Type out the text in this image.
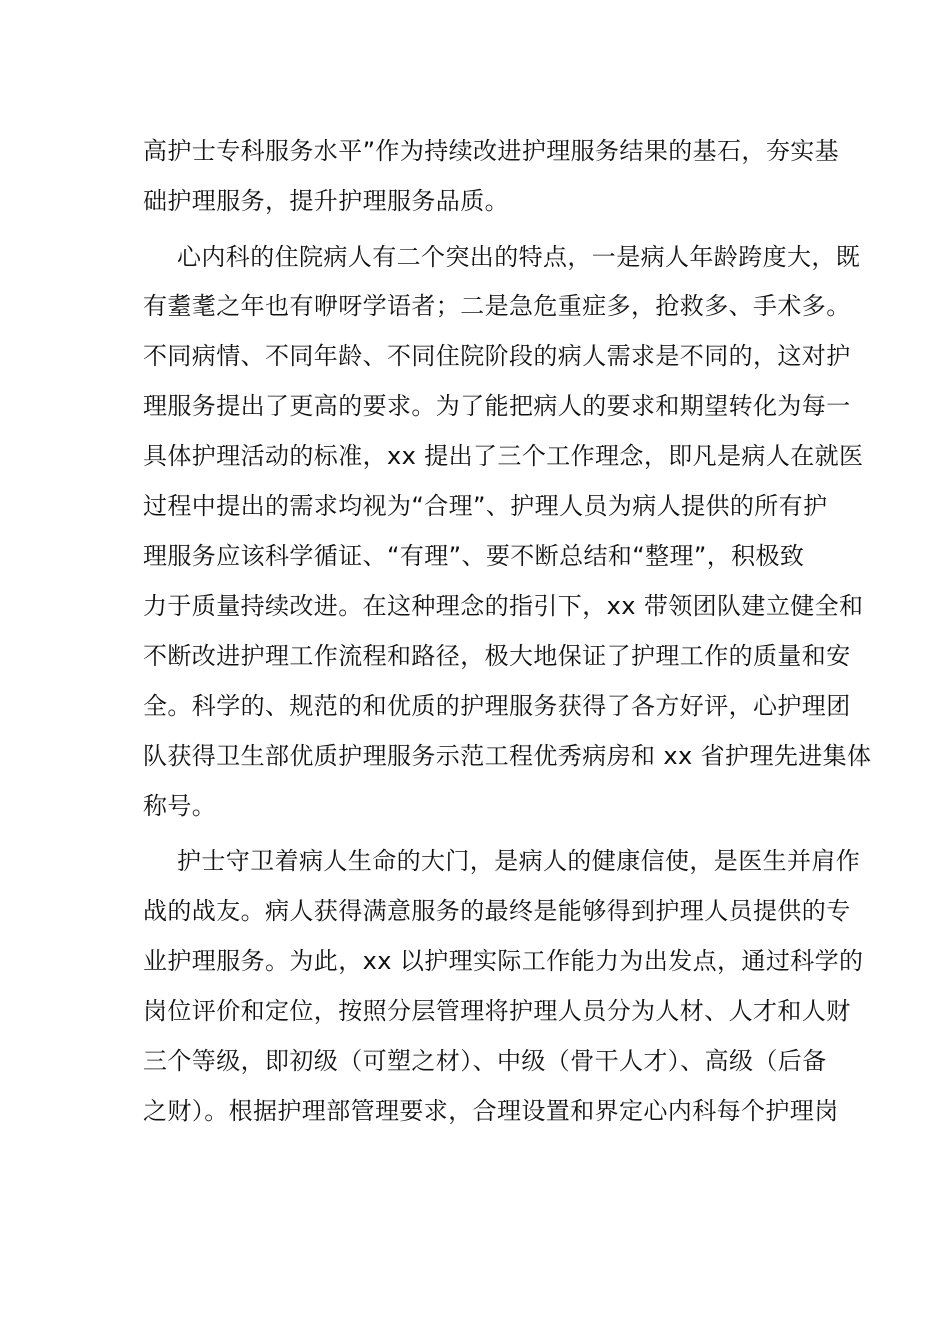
高护士专科服务水平”作为持续改进护理服务结果的基石，夯实基
础护理服务，提升护理服务品质。
心内科的住院病人有二个突出的特点，一是病人年龄跨度大，既
有耋耄之年也有咿呀学语者；二是急危重症多，抢救多、手术多。
不同病情、不同年龄、不同住院阶段的病人需求是不同的，这对护
理服务提出了更高的要求。为了能把病人的要求和期望转化为每一
具体护理活动的标准，xx 提出了三个工作理念，即凡是病人在就医
过程中提出的需求均视为“合理”、护理人员为病人提供的所有护
理服务应该科学循证、“有理”、要不断总结和“整理”，积极致
力于质量持续改进。在这种理念的指引下，xx 带领团队建立健全和
不断改进护理工作流程和路径，极大地保证了护理工作的质量和安
全。科学的、规范的和优质的护理服务获得了各方好评，心护理团
队获得卫生部优质护理服务示范工程优秀病房和 xx 省护理先进集体
称号。
护士守卫着病人生命的大门，是病人的健康信使，是医生并肩作
战的战友。病人获得满意服务的最终是能够得到护理人员提供的专
业护理服务。为此，xx 以护理实际工作能力为出发点，通过科学的
岗位评价和定位，按照分层管理将护理人员分为人材、人才和人财
三个等级，即初级（可塑之材）、中级（骨干人才）、高级（后备
之财）。根据护理部管理要求，合理设置和界定心内科每个护理岗
